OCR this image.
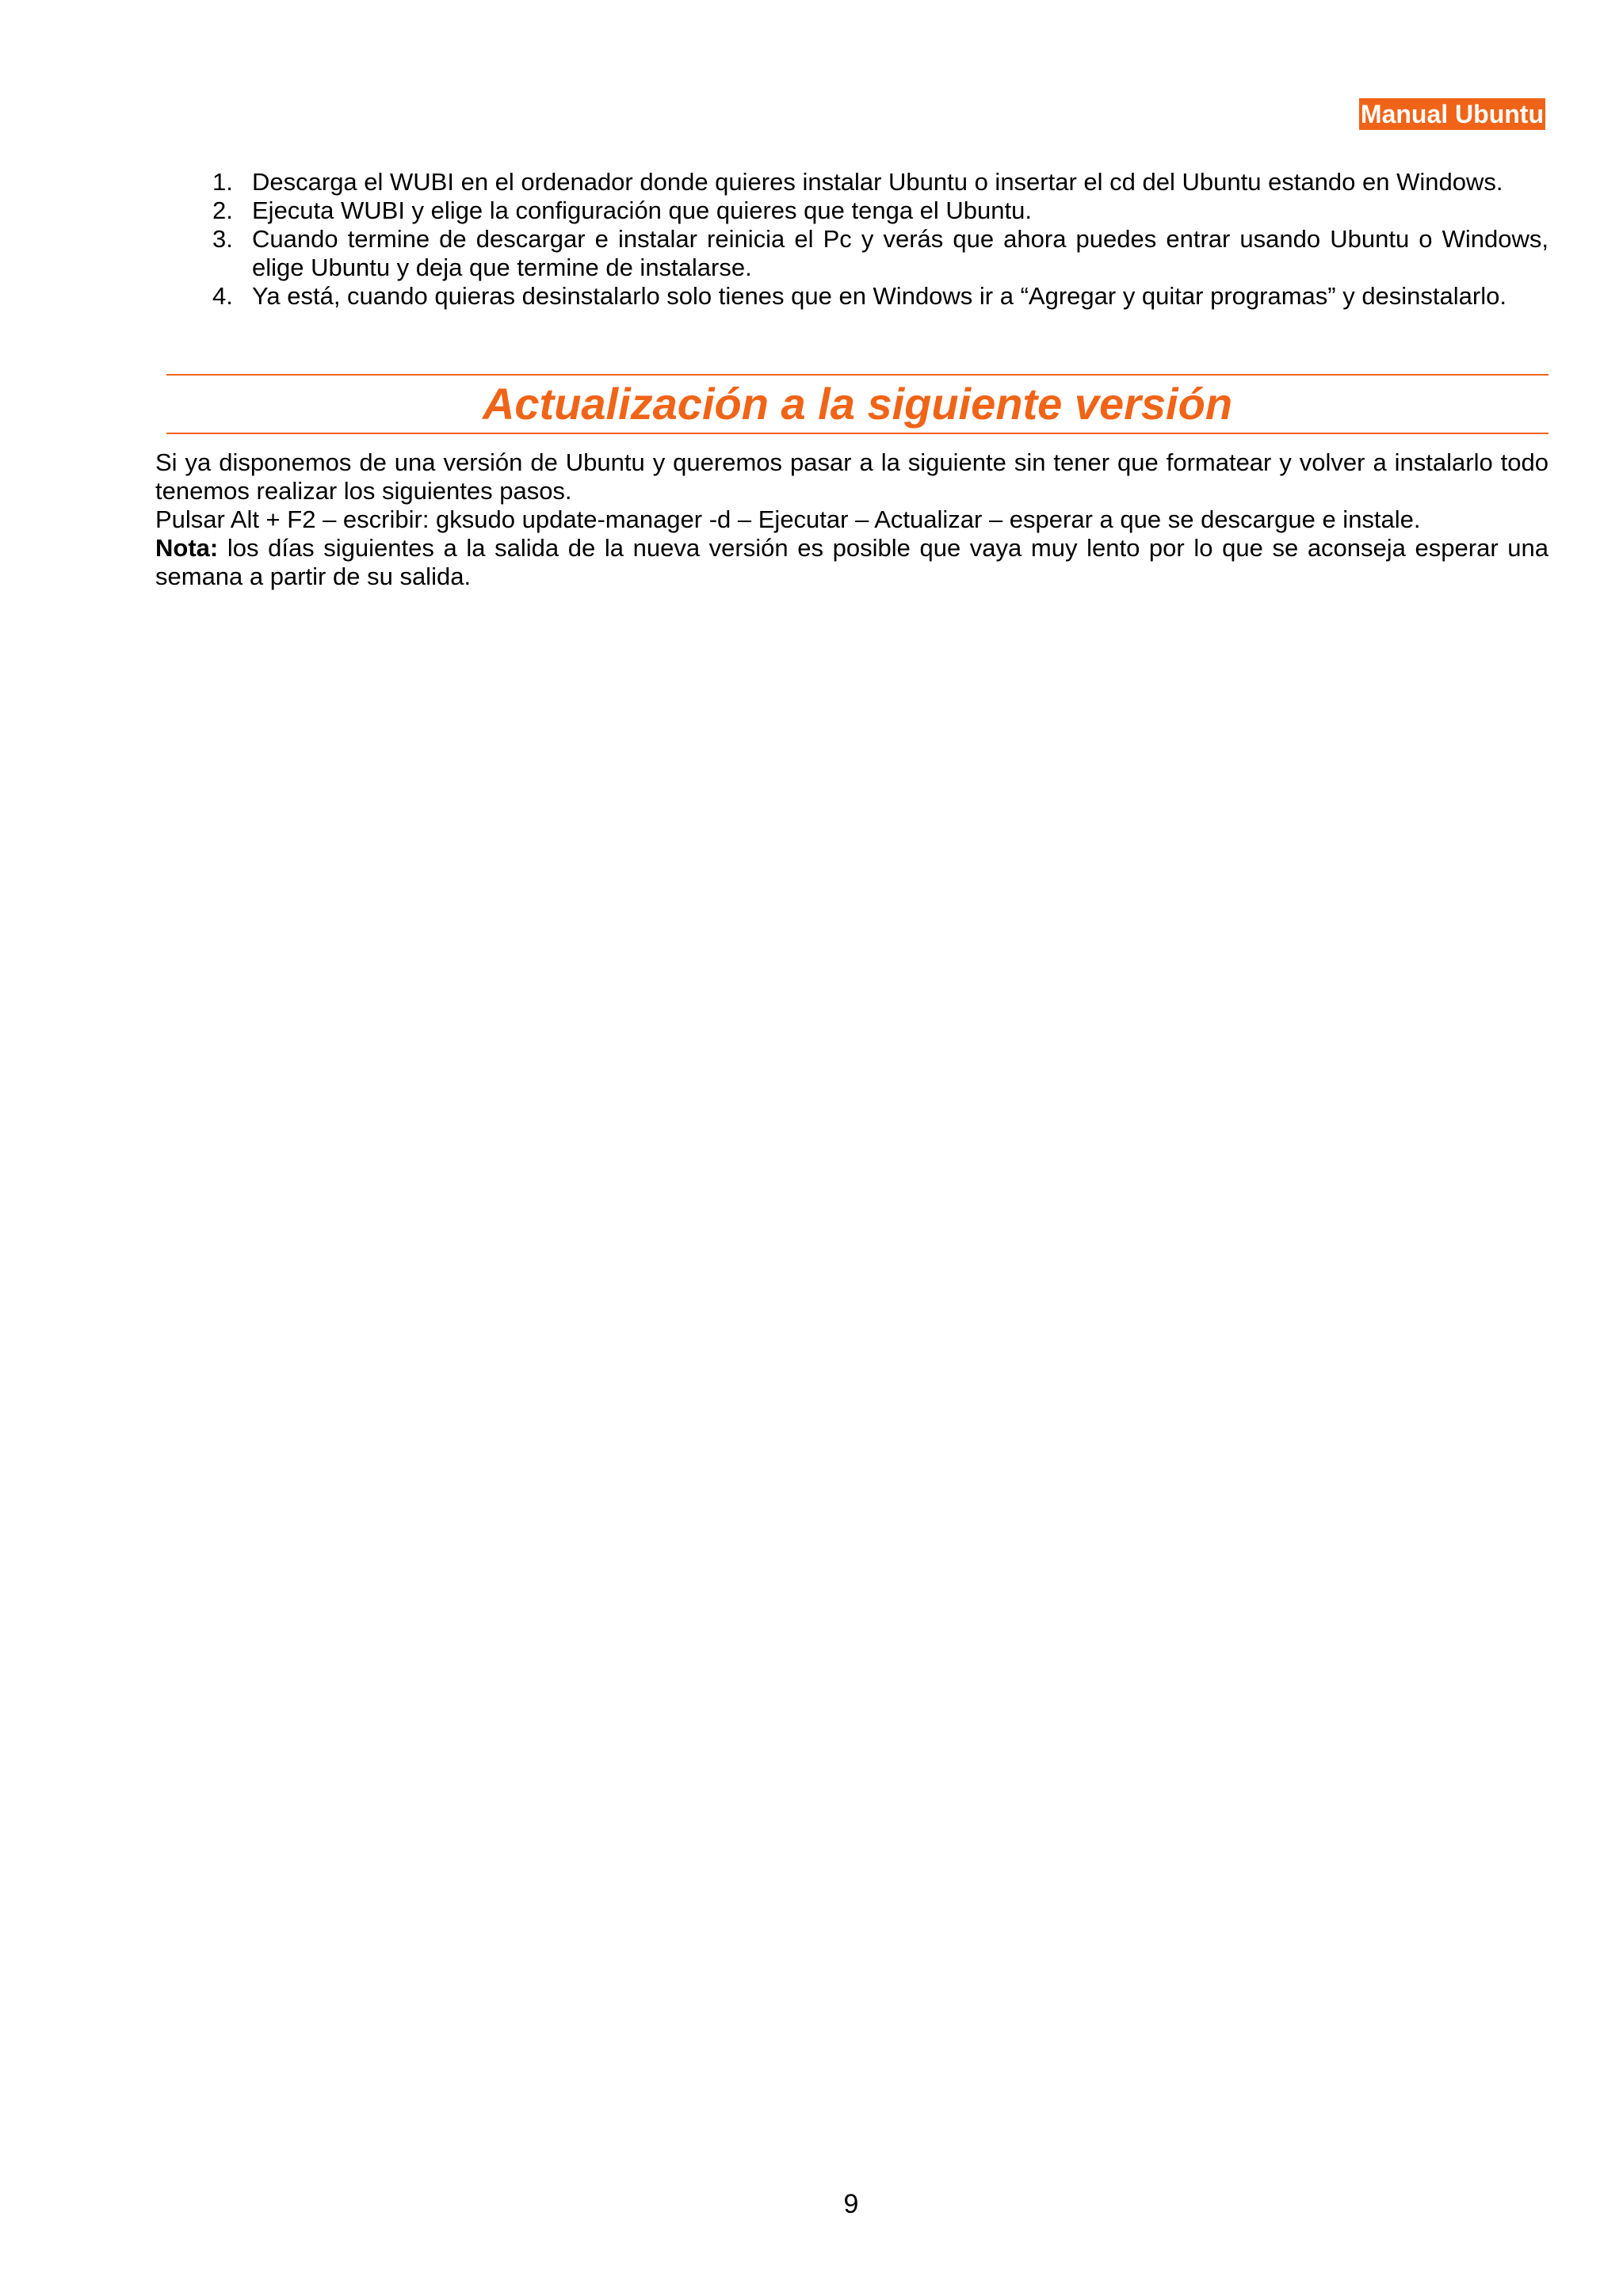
Manual Ubuntu
1. Descarga el WUBI en el ordenador donde quieres instalar Ubuntu o insertar el cd del Ubuntu estando en Windows.
2. Ejecuta WUBI y elige la configuración que quieres que tenga el Ubuntu.
3. Cuando termine de descargar e instalar reinicia el Pc y verás que ahora puedes entrar usando Ubuntu o Windows, elige Ubuntu y deja que termine de instalarse.
4. Ya está, cuando quieras desinstalarlo solo tienes que en Windows ir a “Agregar y quitar programas” y desinstalarlo.
Actualización a la siguiente versión

Si ya disponemos de una versión de Ubuntu y queremos pasar a la siguiente sin tener que formatear y volver a instalarlo todo tenemos realizar los siguientes pasos.

Pulsar Alt + F2 – escribir: gksudo update-manager -d – Ejecutar – Actualizar – esperar a que se descargue e instale.

Nota: los días siguientes a la salida de la nueva versión es posible que vaya muy lento por lo que se aconseja esperar una semana a partir de su salida.

9
